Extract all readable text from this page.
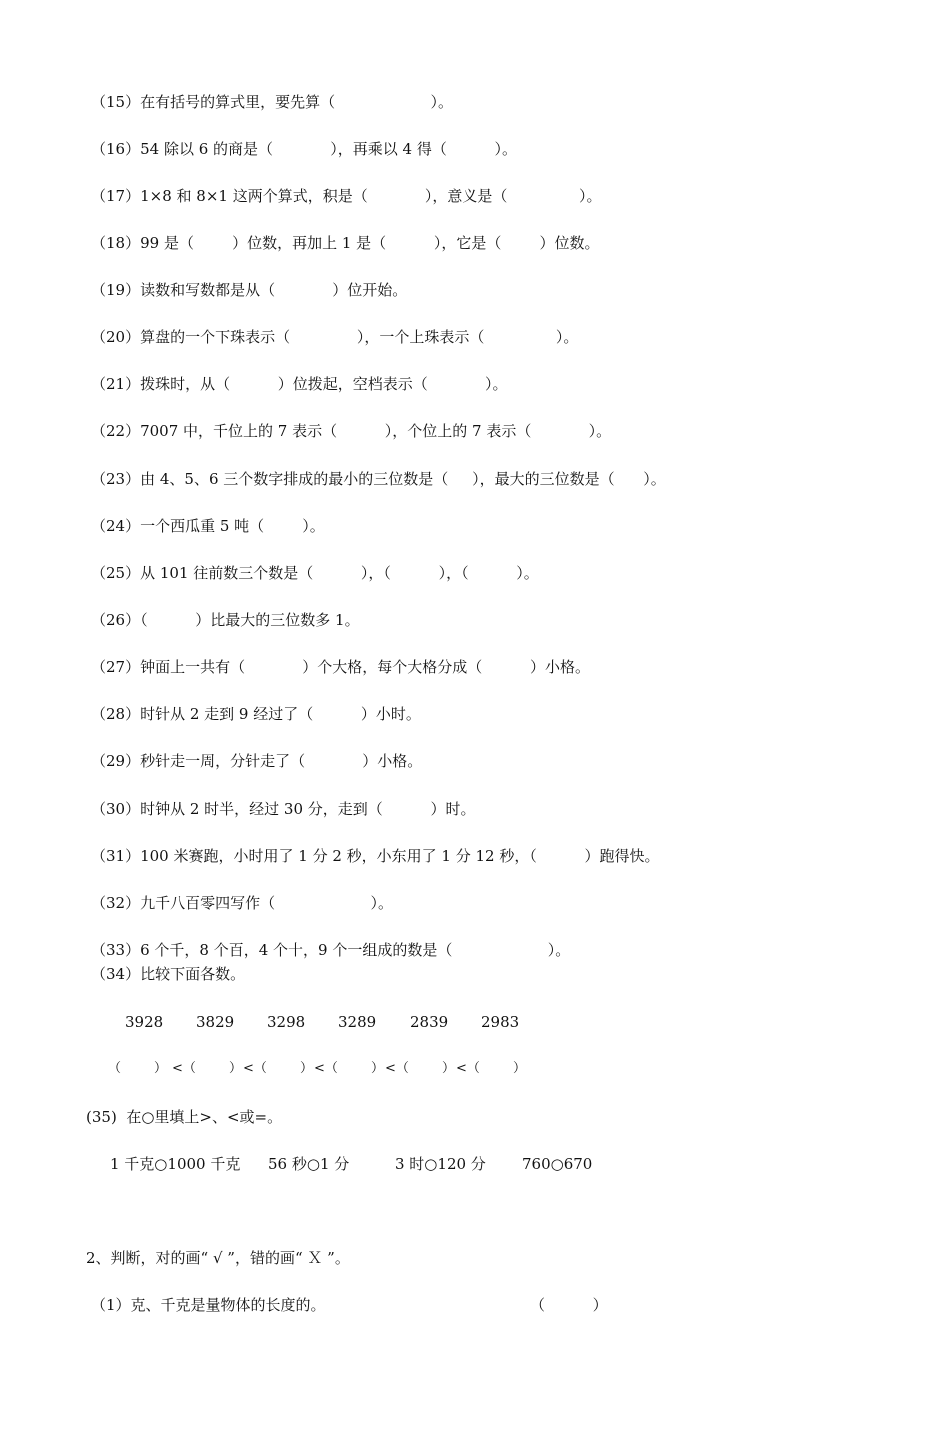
（15）在有括号的算式里，要先算（                    ）。
（16）54 除以 6 的商是（            ），再乘以 4 得（          ）。
（17）1×8 和 8×1 这两个算式，积是（            ），意义是（               ）。
（18）99 是（        ）位数，再加上 1 是（          ），它是（        ）位数。
（19）读数和写数都是从（            ）位开始。
（20）算盘的一个下珠表示（              ），一个上珠表示（               ）。
（21）拨珠时，从（          ）位拨起，空档表示（            ）。
（22）7007 中，千位上的 7 表示（          ），个位上的 7 表示（            ）。
（23）由 4、5、6 三个数字排成的最小的三位数是（     ），最大的三位数是（      ）。
（24）一个西瓜重 5 吨（        ）。
（25）从 101 往前数三个数是（          ），（          ），（          ）。
（26）（          ）比最大的三位数多 1。
（27）钟面上一共有（            ）个大格，每个大格分成（          ）小格。
（28）时针从 2 走到 9 经过了（          ）小时。
（29）秒针走一周，分针走了（            ）小格。
（30）时钟从 2 时半，经过 30 分，走到（          ）时。
（31）100 米赛跑，小时用了 1 分 2 秒，小东用了 1 分 12 秒，（          ）跑得快。
（32）九千八百零四写作（                    ）。
（33）6 个千，8 个百，4 个十，9 个一组成的数是（                    ）。
（34）比较下面各数。
3928 3829 3298 3289 2839 2983
（        ） <（        ） <（        ） <（        ） <（        ） <（        ）
(35)  在○里填上>、<或=。
1 千克○1000 千克 56 秒○1 分	3 时○120 分 760○670
2、判断，对的画“ √ ”，错的画“ Ｘ ”。
（1）克、千克是量物体的长度的。	（          ）
